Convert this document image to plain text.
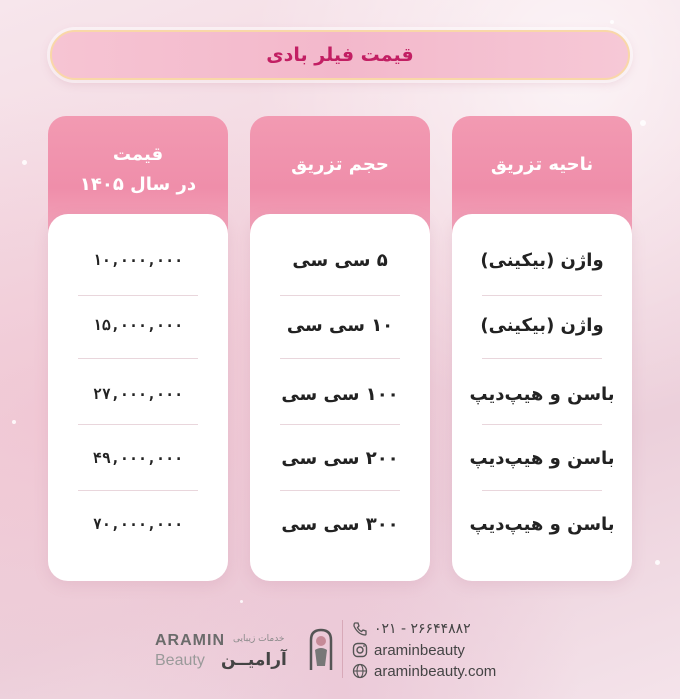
قیمت فیلر بادی
ناحیه تزریق
واژن (بیکینی)
واژن (بیکینی)
باسن و هیپ‌دیپ
باسن و هیپ‌دیپ
باسن و هیپ‌دیپ
حجم تزریق
۵ سی سی
۱۰ سی سی
۱۰۰ سی سی
۲۰۰ سی سی
۳۰۰ سی سی
قیمت
در سال ۱۴۰۵
۱۰,۰۰۰,۰۰۰
۱۵,۰۰۰,۰۰۰
۲۷,۰۰۰,۰۰۰
۴۹,۰۰۰,۰۰۰
۷۰,۰۰۰,۰۰۰
ARAMIN
Beauty
خدمات زیبایی
آرامیــن
۰۲۱ - ۲۶۶۴۴۸۸۲
araminbeauty
araminbeauty.com
